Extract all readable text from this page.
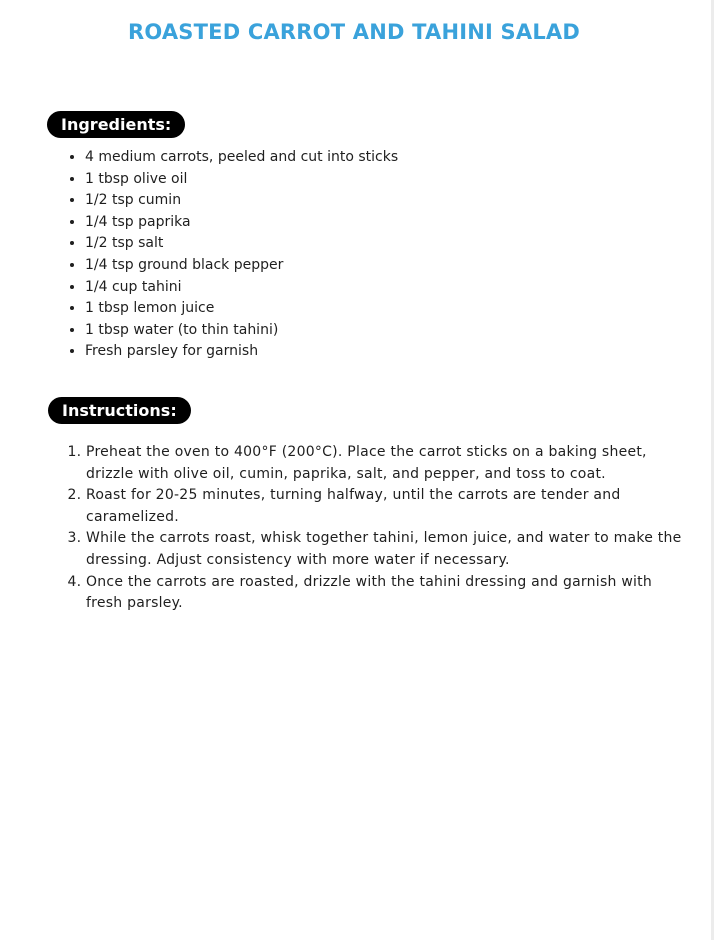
ROASTED CARROT AND TAHINI SALAD
Ingredients:
• 4 medium carrots, peeled and cut into sticks
• 1 tbsp olive oil
• 1/2 tsp cumin
• 1/4 tsp paprika
• 1/2 tsp salt
• 1/4 tsp ground black pepper
• 1/4 cup tahini
• 1 tbsp lemon juice
• 1 tbsp water (to thin tahini)
• Fresh parsley for garnish
Instructions:
1. Preheat the oven to 400°F (200°C). Place the carrot sticks on a baking sheet, drizzle with olive oil, cumin, paprika, salt, and pepper, and toss to coat.
2. Roast for 20-25 minutes, turning halfway, until the carrots are tender and caramelized.
3. While the carrots roast, whisk together tahini, lemon juice, and water to make the dressing. Adjust consistency with more water if necessary.
4. Once the carrots are roasted, drizzle with the tahini dressing and garnish with fresh parsley.
